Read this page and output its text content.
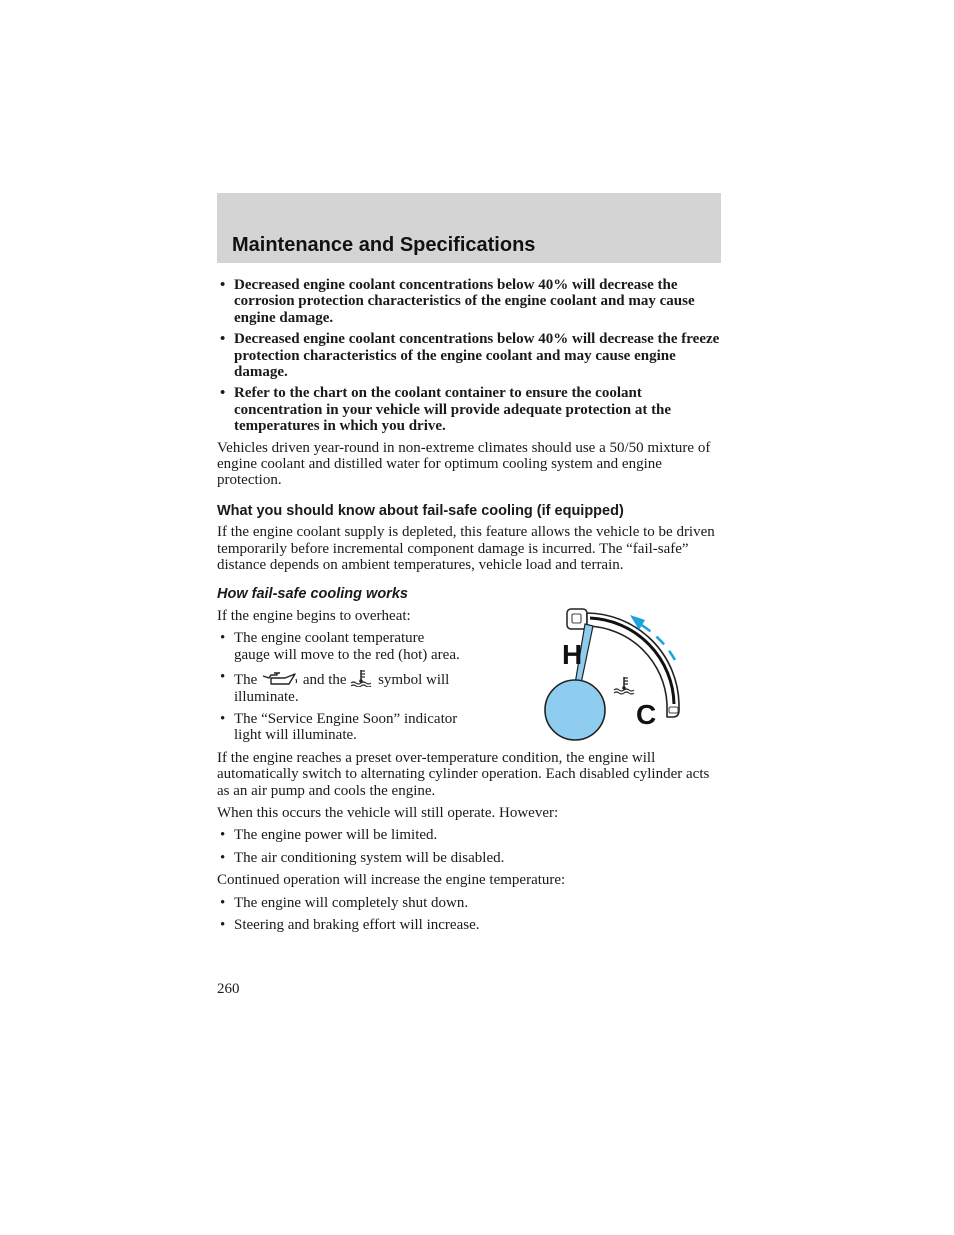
Maintenance and Specifications
• Decreased engine coolant concentrations below 40% will decrease the corrosion protection characteristics of the engine coolant and may cause engine damage.
• Decreased engine coolant concentrations below 40% will decrease the freeze protection characteristics of the engine coolant and may cause engine damage.
• Refer to the chart on the coolant container to ensure the coolant concentration in your vehicle will provide adequate protection at the temperatures in which you drive.

Vehicles driven year-round in non-extreme climates should use a 50/50 mixture of engine coolant and distilled water for optimum cooling system and engine protection.

What you should know about fail-safe cooling (if equipped)

If the engine coolant supply is depleted, this feature allows the vehicle to be driven temporarily before incremental component damage is incurred. The “fail-safe” distance depends on ambient temperatures, vehicle load and terrain.

How fail-safe cooling works

If the engine begins to overheat:

• The engine coolant temperature gauge will move to the red (hot) area.
• The	and the symbol will illuminate.
• The “Service Engine Soon” indicator light will illuminate.
H
C

If the engine reaches a preset over-temperature condition, the engine will automatically switch to alternating cylinder operation. Each disabled cylinder acts as an air pump and cools the engine.

When this occurs the vehicle will still operate. However:

• The engine power will be limited.
• The air conditioning system will be disabled.

Continued operation will increase the engine temperature:

• The engine will completely shut down.
• Steering and braking effort will increase.
260
